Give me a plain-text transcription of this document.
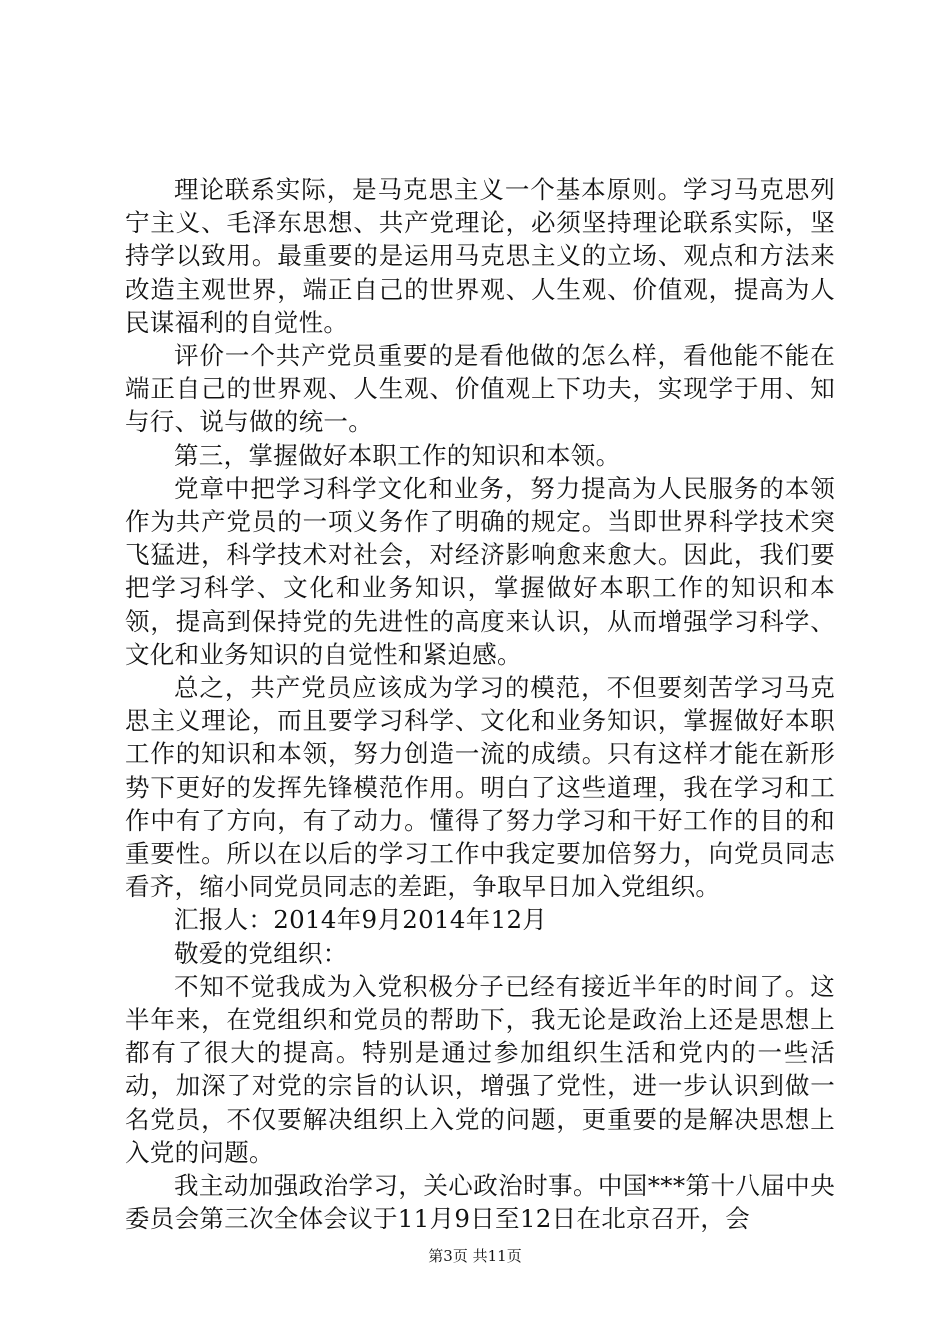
理论联系实际，是马克思主义一个基本原则。学习马克思列宁主义、毛泽东思想、共产党理论，必须坚持理论联系实际，坚持学以致用。最重要的是运用马克思主义的立场、观点和方法来改造主观世界，端正自己的世界观、人生观、价值观，提高为人民谋福利的自觉性。

评价一个共产党员重要的是看他做的怎么样，看他能不能在端正自己的世界观、人生观、价值观上下功夫，实现学于用、知与行、说与做的统一。

第三，掌握做好本职工作的知识和本领。

党章中把学习科学文化和业务，努力提高为人民服务的本领作为共产党员的一项义务作了明确的规定。当即世界科学技术突飞猛进，科学技术对社会，对经济影响愈来愈大。因此，我们要把学习科学、文化和业务知识，掌握做好本职工作的知识和本领，提高到保持党的先进性的高度来认识，从而增强学习科学、文化和业务知识的自觉性和紧迫感。

总之，共产党员应该成为学习的模范，不但要刻苦学习马克思主义理论，而且要学习科学、文化和业务知识，掌握做好本职工作的知识和本领，努力创造一流的成绩。只有这样才能在新形势下更好的发挥先锋模范作用。明白了这些道理，我在学习和工作中有了方向，有了动力。懂得了努力学习和干好工作的目的和重要性。所以在以后的学习工作中我定要加倍努力，向党员同志看齐，缩小同党员同志的差距，争取早日加入党组织。

汇报人：2014年9月2014年12月

敬爱的党组织：

不知不觉我成为入党积极分子已经有接近半年的时间了。这半年来，在党组织和党员的帮助下，我无论是政治上还是思想上都有了很大的提高。特别是通过参加组织生活和党内的一些活动，加深了对党的宗旨的认识，增强了党性，进一步认识到做一名党员，不仅要解决组织上入党的问题，更重要的是解决思想上入党的问题。

我主动加强政治学习，关心政治时事。中国***第十八届中央委员会第三次全体会议于11月9日至12日在北京召开，会

第3页 共11页
